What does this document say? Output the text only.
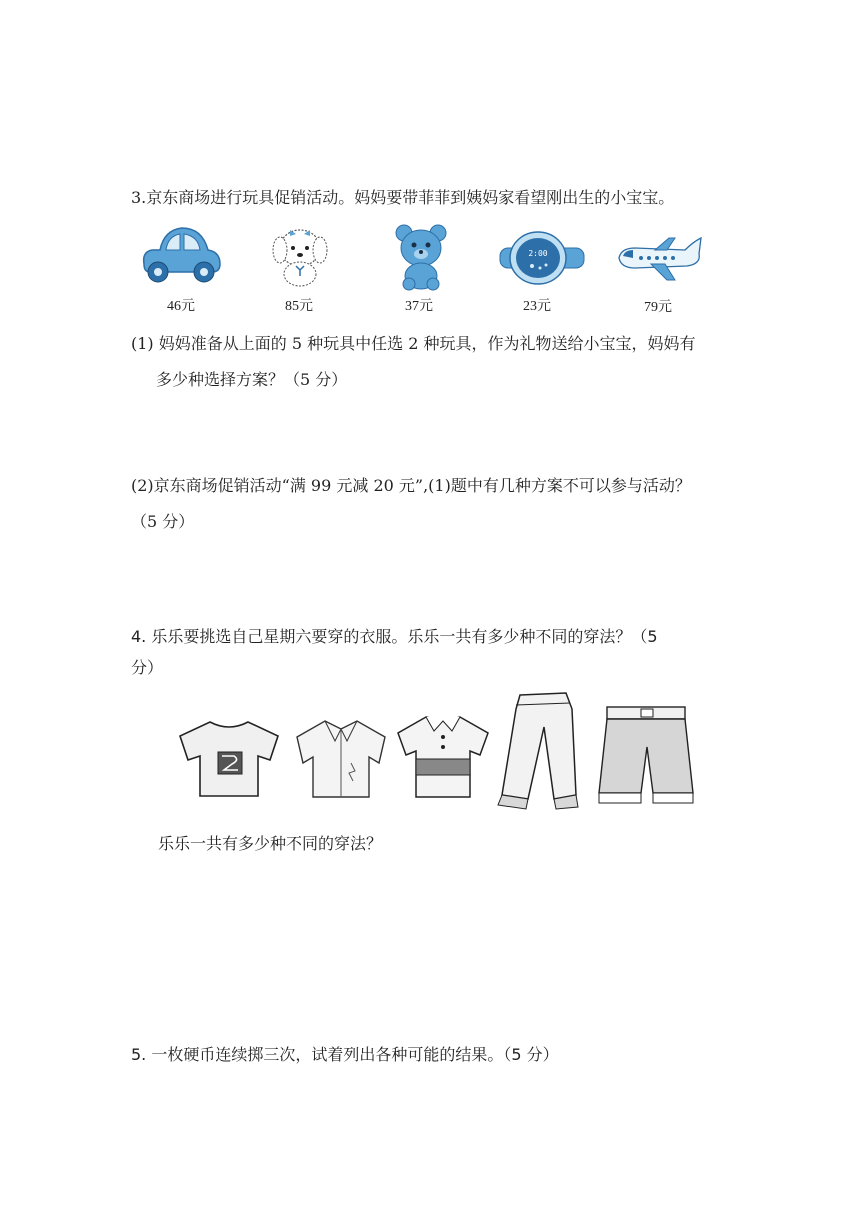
3.京东商场进行玩具促销活动。妈妈要带菲菲到姨妈家看望刚出生的小宝宝。
2:00
46元	85元	37元	23元	79元
(1) 妈妈准备从上面的 5 种玩具中任选 2 种玩具，作为礼物送给小宝宝，妈妈有
多少种选择方案？（5 分）
(2)京东商场促销活动“满 99 元减 20 元”,(1)题中有几种方案不可以参与活动？
（5 分）
4. 乐乐要挑选自己星期六要穿的衣服。乐乐一共有多少种不同的穿法？（5
分）
乐乐一共有多少种不同的穿法？
5. 一枚硬币连续掷三次，试着列出各种可能的结果。（5 分）
